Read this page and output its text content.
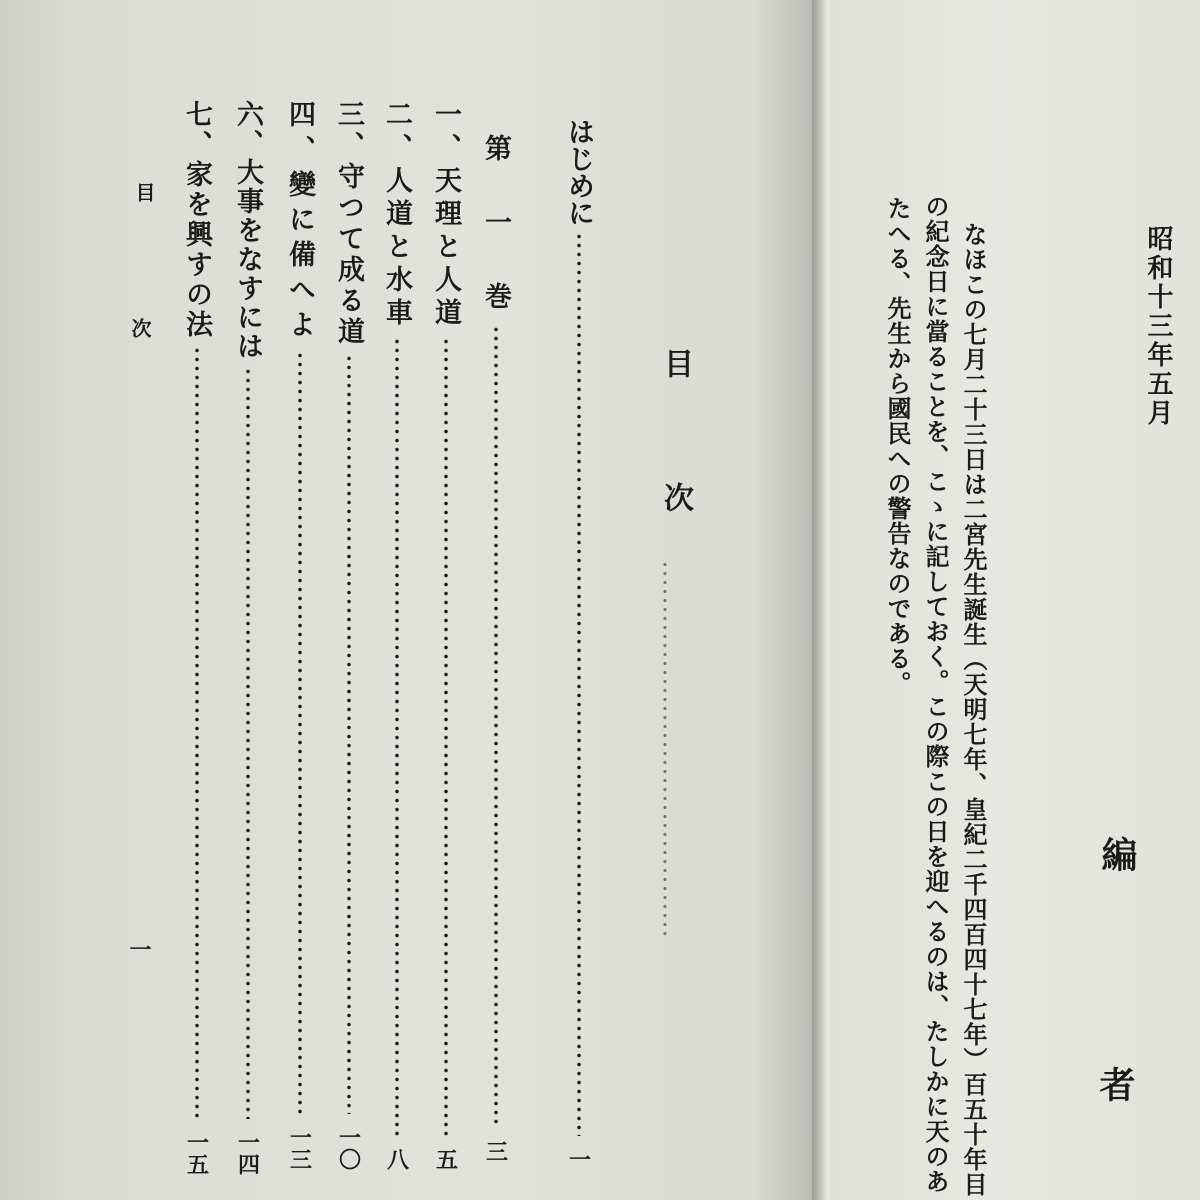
目
次
はじめに
一
第　一　巻
三
一、天理と人道
五
二、人道と水車
八
三、守つて成る道
一〇
四、變に備へよ
一三
六、大事をなすには
一四
七、家を興すの法
一五
目
次
一	なほこの七月二十三日は二宮先生誕生（天明七年、皇紀二千四百四十七年）百五十年目
の紀念日に當ることを、こゝに記しておく。この際この日を迎へるのは、たしかに天のあ
たへる、先生から國民への警告なのである。
編
者
昭和十三年五月
